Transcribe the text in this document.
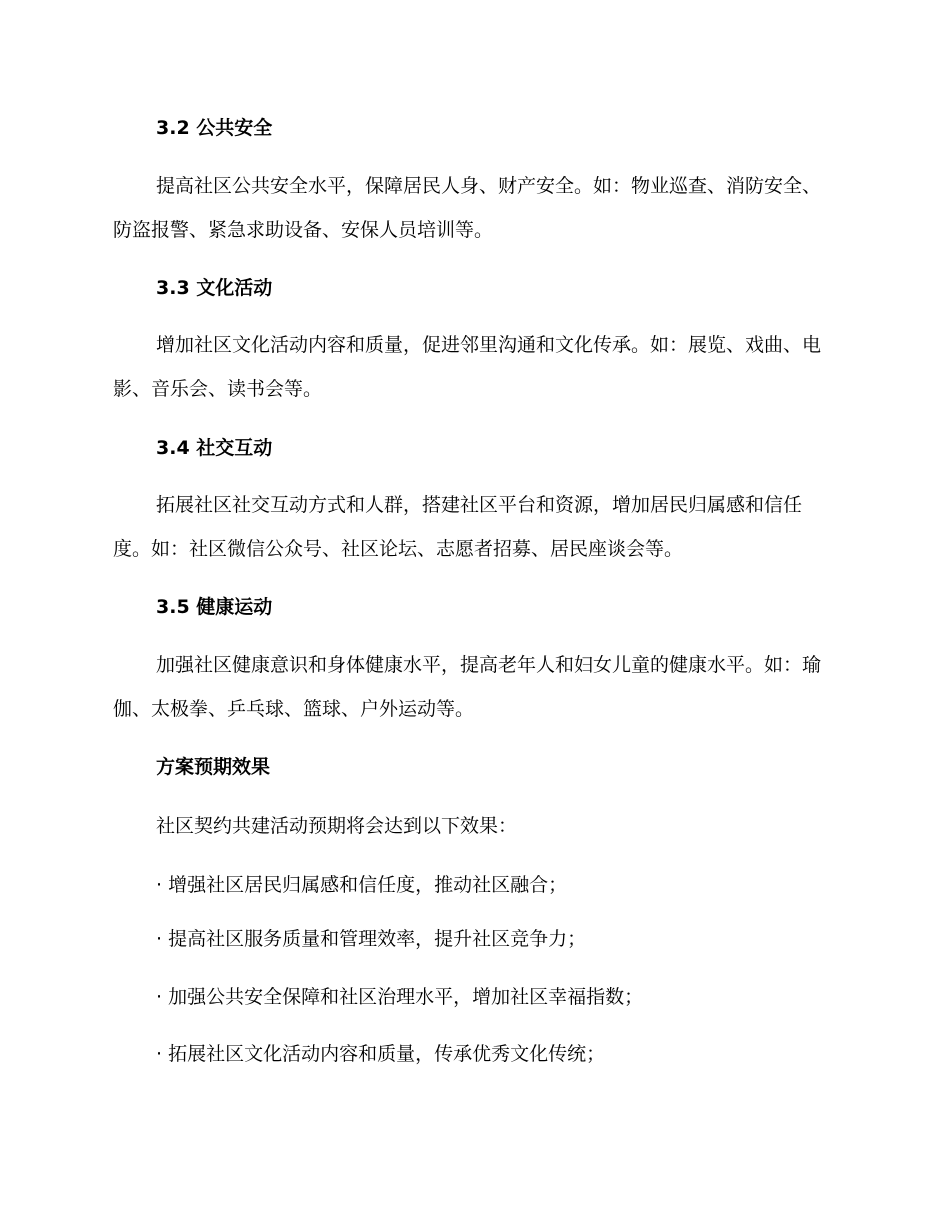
3.2 公共安全
提高社区公共安全水平，保障居民人身、财产安全。如：物业巡查、消防安全、防盗报警、紧急求助设备、安保人员培训等。
3.3 文化活动
增加社区文化活动内容和质量，促进邻里沟通和文化传承。如：展览、戏曲、电影、音乐会、读书会等。
3.4 社交互动
拓展社区社交互动方式和人群，搭建社区平台和资源，增加居民归属感和信任度。如：社区微信公众号、社区论坛、志愿者招募、居民座谈会等。
3.5 健康运动
加强社区健康意识和身体健康水平，提高老年人和妇女儿童的健康水平。如：瑜伽、太极拳、乒乓球、篮球、户外运动等。
方案预期效果
社区契约共建活动预期将会达到以下效果：
· 增强社区居民归属感和信任度，推动社区融合；
· 提高社区服务质量和管理效率，提升社区竞争力；
· 加强公共安全保障和社区治理水平，增加社区幸福指数；
· 拓展社区文化活动内容和质量，传承优秀文化传统；
